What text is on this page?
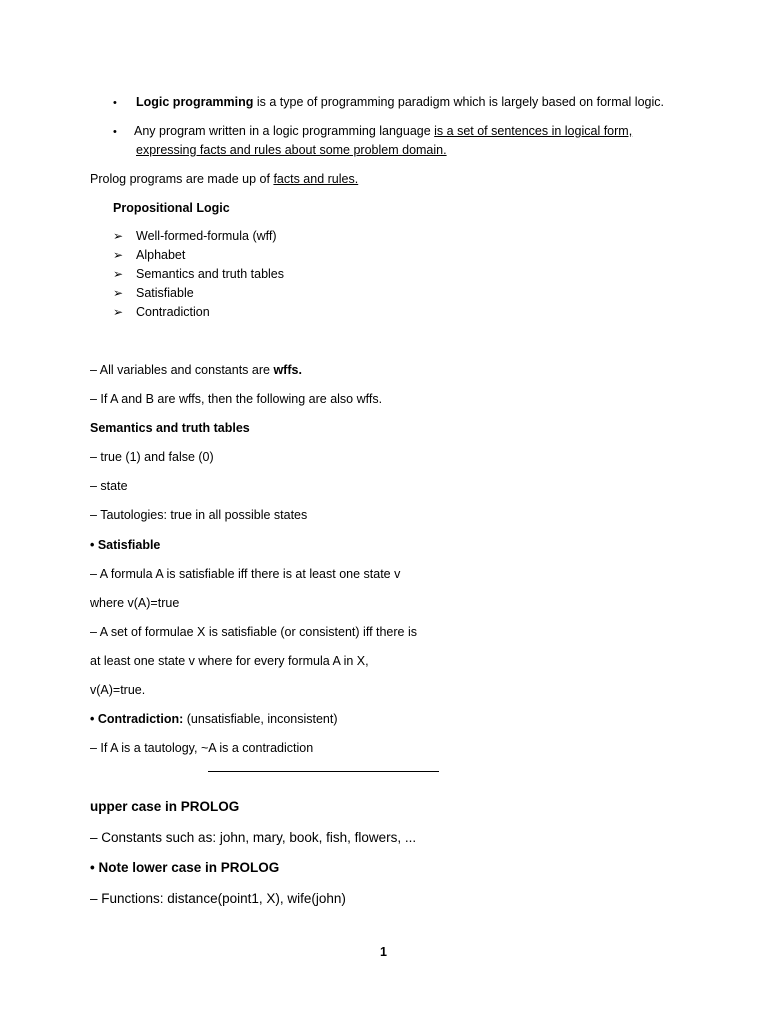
• Logic programming is a type of programming paradigm which is largely based on formal logic.
• Any program written in a logic programming language is a set of sentences in logical form,
expressing facts and rules about some problem domain.
Prolog programs are made up of facts and rules.
Propositional Logic
➢ Well-formed-formula (wff)
➢ Alphabet
➢ Semantics and truth tables
➢ Satisfiable
➢ Contradiction
– All variables and constants are wffs.
– If A and B are wffs, then the following are also wffs.
Semantics and truth tables
– true (1) and false (0)
– state
– Tautologies: true in all possible states
• Satisfiable
– A formula A is satisfiable iff there is at least one state v
where v(A)=true
– A set of formulae X is satisfiable (or consistent) iff there is
at least one state v where for every formula A in X,
v(A)=true.
• Contradiction: (unsatisfiable, inconsistent)
– If A is a tautology, ~A is a contradiction
upper case in PROLOG
– Constants such as: john, mary, book, fish, flowers, ...
• Note lower case in PROLOG
– Functions: distance(point1, X), wife(john)
1
